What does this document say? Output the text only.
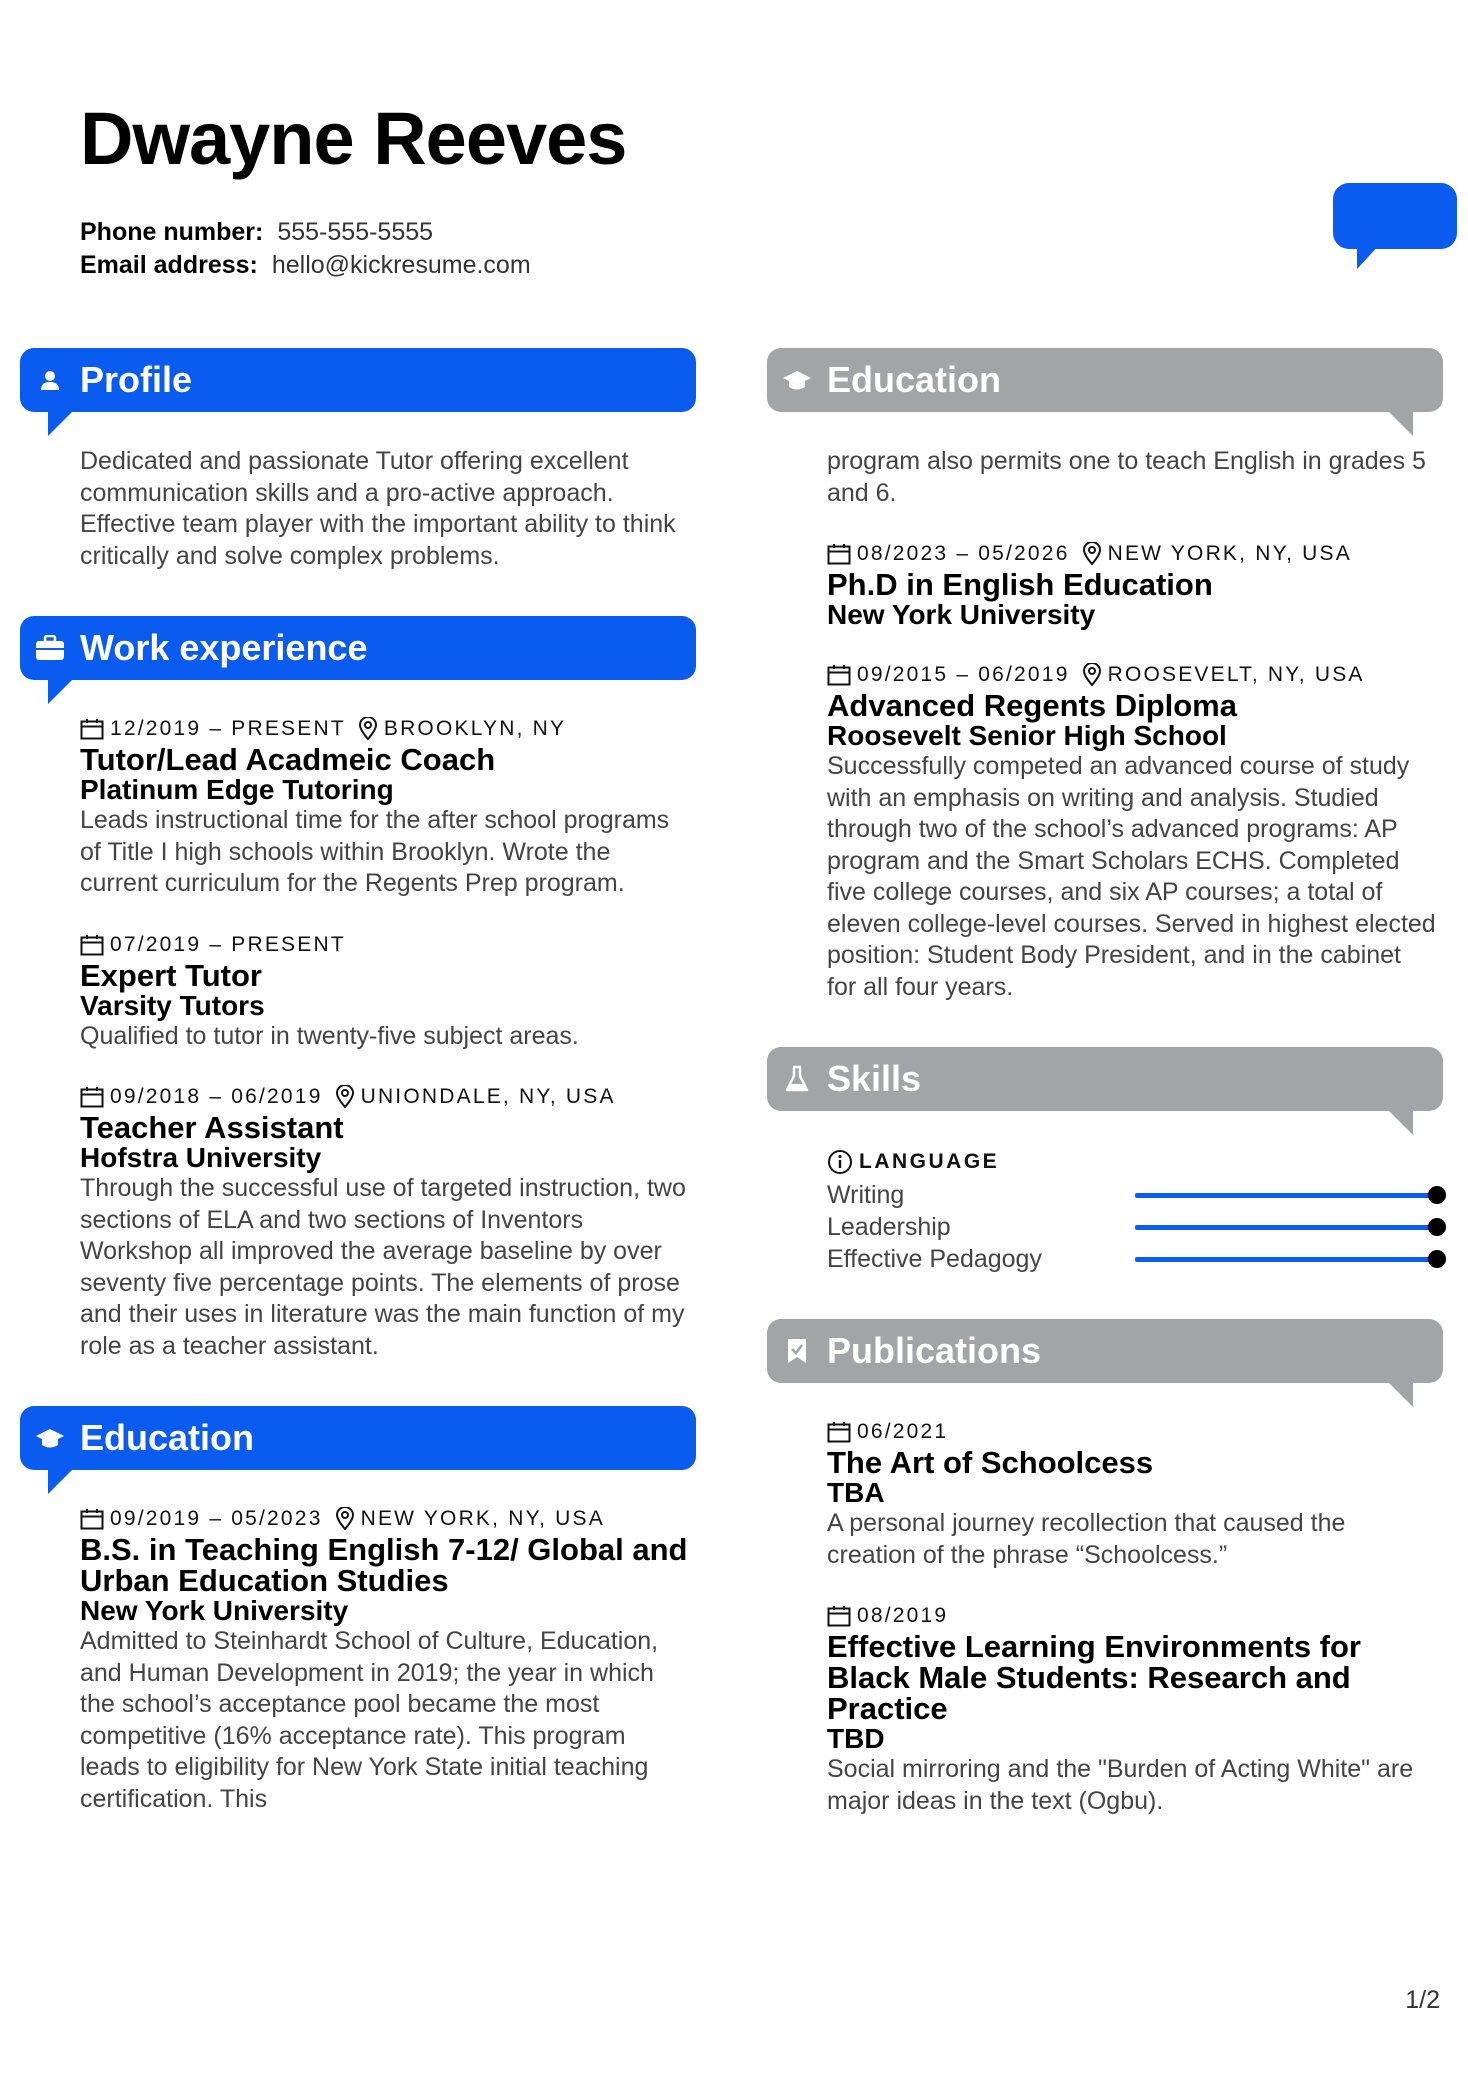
Dwayne Reeves
Phone number: 555-555-5555
Email address: hello@kickresume.com
Profile
Dedicated and passionate Tutor offering excellent communication skills and a pro-active approach. Effective team player with the important ability to think critically and solve complex problems.
Work experience
12/2019 – PRESENT BROOKLYN, NY
Tutor/Lead Acadmeic Coach
Platinum Edge Tutoring
Leads instructional time for the after school programs of Title I high schools within Brooklyn. Wrote the current curriculum for the Regents Prep program.
07/2019 – PRESENT
Expert Tutor
Varsity Tutors
Qualified to tutor in twenty-five subject areas.
09/2018 – 06/2019 UNIONDALE, NY, USA
Teacher Assistant
Hofstra University
Through the successful use of targeted instruction, two sections of ELA and two sections of Inventors Workshop all improved the average baseline by over seventy five percentage points. The elements of prose and their uses in literature was the main function of my role as a teacher assistant.
Education
09/2019 – 05/2023 NEW YORK, NY, USA
B.S. in Teaching English 7-12/ Global and Urban Education Studies
New York University
Admitted to Steinhardt School of Culture, Education, and Human Development in 2019; the year in which the school’s acceptance pool became the most competitive (16% acceptance rate). This program leads to eligibility for New York State initial teaching certification. This
Education
program also permits one to teach English in grades 5 and 6.
08/2023 – 05/2026 NEW YORK, NY, USA
Ph.D in English Education
New York University
09/2015 – 06/2019 ROOSEVELT, NY, USA
Advanced Regents Diploma
Roosevelt Senior High School
Successfully competed an advanced course of study with an emphasis on writing and analysis. Studied through two of the school’s advanced programs: AP program and the Smart Scholars ECHS. Completed five college courses, and six AP courses; a total of eleven college-level courses. Served in highest elected position: Student Body President, and in the cabinet for all four years.
Skills
LANGUAGE
Writing
Leadership
Effective Pedagogy
Publications
06/2021
The Art of Schoolcess
TBA
A personal journey recollection that caused the creation of the phrase “Schoolcess.”
08/2019
Effective Learning Environments for Black Male Students: Research and Practice
TBD
Social mirroring and the "Burden of Acting White" are major ideas in the text (Ogbu).
1/2
